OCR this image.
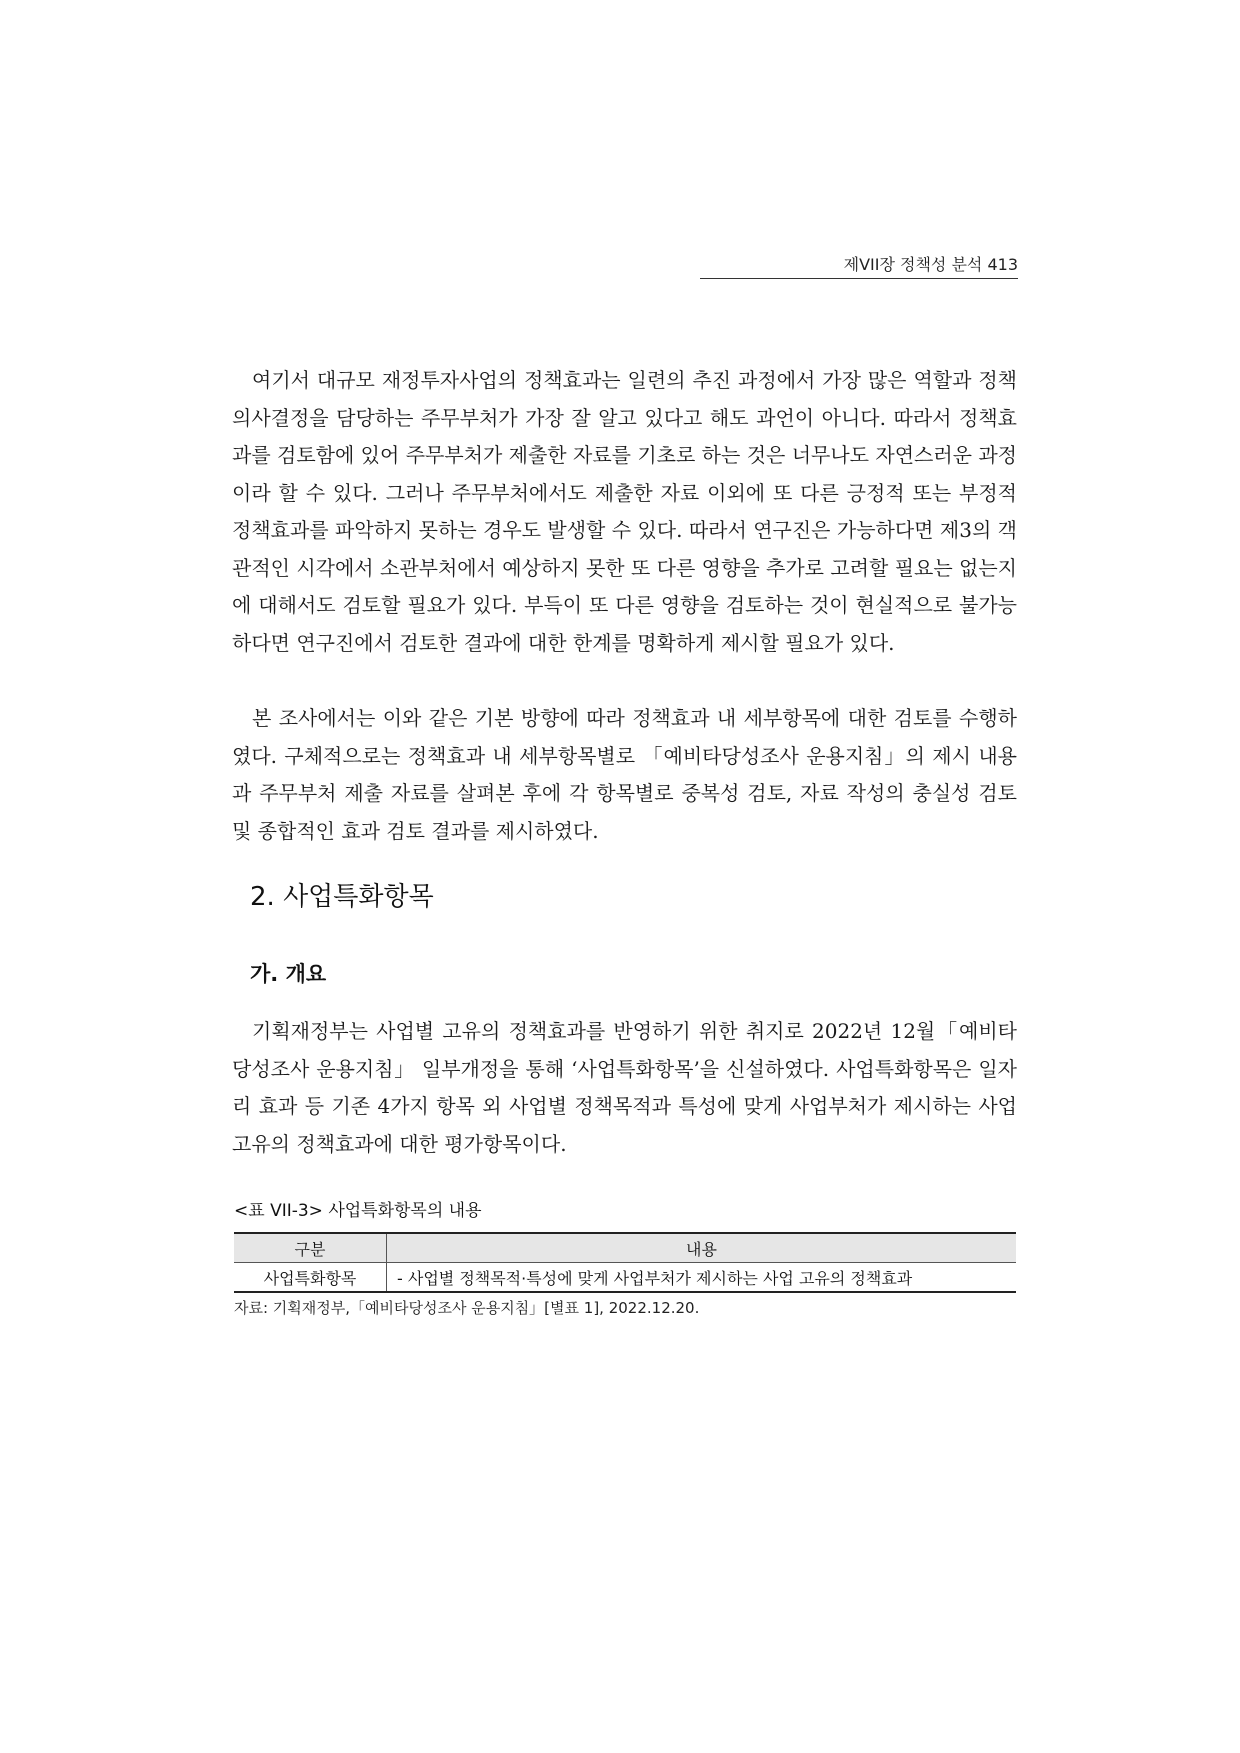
제VII장 정책성 분석 413

여기서 대규모 재정투자사업의 정책효과는 일련의 추진 과정에서 가장 많은 역할과 정책의사결정을 담당하는 주무부처가 가장 잘 알고 있다고 해도 과언이 아니다. 따라서 정책효과를 검토함에 있어 주무부처가 제출한 자료를 기초로 하는 것은 너무나도 자연스러운 과정이라 할 수 있다. 그러나 주무부처에서도 제출한 자료 이외에 또 다른 긍정적 또는 부정적 정책효과를 파악하지 못하는 경우도 발생할 수 있다. 따라서 연구진은 가능하다면 제3의 객관적인 시각에서 소관부처에서 예상하지 못한 또 다른 영향을 추가로 고려할 필요는 없는지에 대해서도 검토할 필요가 있다. 부득이 또 다른 영향을 검토하는 것이 현실적으로 불가능하다면 연구진에서 검토한 결과에 대한 한계를 명확하게 제시할 필요가 있다.

본 조사에서는 이와 같은 기본 방향에 따라 정책효과 내 세부항목에 대한 검토를 수행하였다. 구체적으로는 정책효과 내 세부항목별로 「예비타당성조사 운용지침」의 제시 내용과 주무부처 제출 자료를 살펴본 후에 각 항목별로 중복성 검토, 자료 작성의 충실성 검토 및 종합적인 효과 검토 결과를 제시하였다.

2. 사업특화항목
가. 개요

기획재정부는 사업별 고유의 정책효과를 반영하기 위한 취지로 2022년 12월「예비타당성조사 운용지침」 일부개정을 통해 ‘사업특화항목’을 신설하였다. 사업특화항목은 일자리 효과 등 기존 4가지 항목 외 사업별 정책목적과 특성에 맞게 사업부처가 제시하는 사업 고유의 정책효과에 대한 평가항목이다.

<표 VII-3> 사업특화항목의 내용
구분	내용
사업특화항목	- 사업별 정책목적·특성에 맞게 사업부처가 제시하는 사업 고유의 정책효과
자료: 기획재정부,「예비타당성조사 운용지침」[별표 1], 2022.12.20.
